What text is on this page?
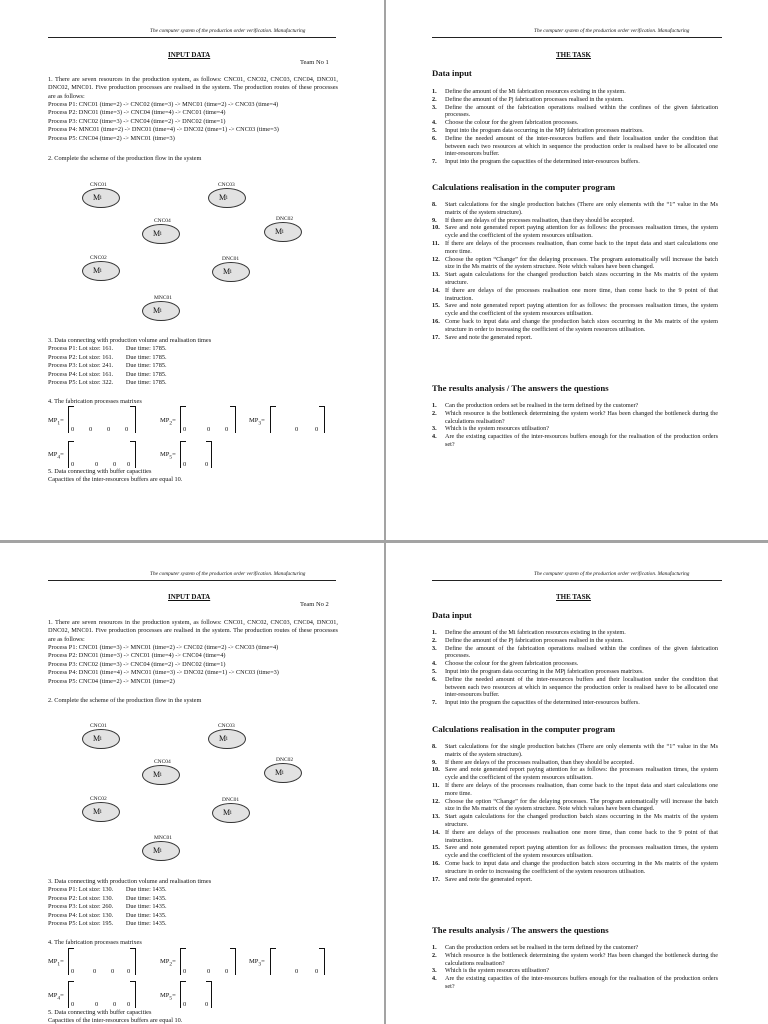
The computer system of the production order verification. Manufacturing
INPUT DATA
Team No 1
1. There are seven resources in the production system, as follows: CNC01, CNC02, CNC03, CNC04, DNC01, DNC02, MNC01. Five production processes are realised in the system. The production routes of these processes are as follows:
Process P1: CNC01 (time=2) -> CNC02 (time=3) -> MNC01 (time=2) -> CNC03 (time=4)
Process P2: DNC01 (time=3) -> CNC04 (time=4) -> CNC01 (time=4)
Process P3: CNC02 (time=3) -> CNC04 (time=2) -> DNC02 (time=1)
Process P4: MNC01 (time=2) -> DNC01 (time=4) -> DNC02 (time=1) -> CNC03 (time=3)
Process P5: CNC04 (time=2) -> MNC01 (time=3)
2. Complete the scheme of the production flow in the system
CNC01
M i
CNC03
M i
CNC04
M i
DNC02
M i
CNC02
M i
DNC01
M i
MNC01
M i
3. Data connecting with production volume and realisation times
Process P1: Lot size: 161.        Due time: 1785.
Process P2: Lot size: 161.        Due time: 1785.
Process P3: Lot size: 241.        Due time: 1785.
Process P4: Lot size: 161.        Due time: 1785.
Process P5: Lot size: 322.        Due time: 1785.
4. The fabrication processes matrixes
$MP_1=$
0 0 0 0
$MP_2=$
0	0 0
$MP_3=$
0	0
$MP_4=$
0	0 0 0
$MP_5=$
0	0
5. Data connecting with buffer capacities
Capacities of the inter-resources buffers are equal 10.
The computer system of the production order verification. Manufacturing
THE TASK
Data input
1.	Define the amount of the Mi fabrication resources existing in the system.
2.	Define the amount of the Pj fabrication processes realised in the system.
3.	Define the amount of the fabrication operations realised within the confines of the given fabrication processes.
4.	Choose the colour for the given fabrication processes.
5.	Input into the program data occurring in the MPj fabrication processes matrixes.
6.	Define the needed amount of the inter-resources buffers and their localisation under the condition that between each two resources at which in sequence the production order is realised have to be allocated one inter-resources buffer.
7.	Input into the program the capacities of the determined inter-resources buffers.
Calculations realisation in the computer program
8.	Start calculations for the single production batches (There are only elements with the “1” value in the Ms matrix of the system structure).
9.	If there are delays of the processes realisation, than they should be accepted.
10. Save and note generated report paying attention for as follows: the processes realisation times, the system cycle and the coefficient of the system resources utilisation.
11. If there are delays of the processes realisation, than come back to the input data and start calculations one more time.
12. Choose the option “Change” for the delaying processes. The program automatically will increase the batch size in the Ms matrix of the system structure. Note which values have been changed.
13. Start again calculations for the changed production batch sizes occurring in the Ms matrix of the system structure.
14. If there are delays of the processes realisation one more time, than come back to the 9 point of that instruction.
15. Save and note generated report paying attention for as follows: the processes realisation times, the system cycle and the coefficient of the system resources utilisation.
16. Come back to input data and change the production batch sizes occurring in the Ms matrix of the system structure in order to increasing the coefficient of the system resources utilisation.
17. Save and note the generated report.
The results analysis / The answers the questions
1.	Can the production orders set be realised in the term defined by the customer?
2.	Which resource is the bottleneck determining the system work? Has been changed the bottleneck during the calculations realisation?
3.	Which is the system resources utilisation?
4.	Are the existing capacities of the inter-resources buffers enough for the realisation of the production orders set?
The computer system of the production order verification. Manufacturing
INPUT DATA
Team No 2
1. There are seven resources in the production system, as follows: CNC01, CNC02, CNC03, CNC04, DNC01, DNC02, MNC01. Five production processes are realised in the system. The production routes of these processes are as follows:
Process P1: CNC01 (time=3) -> MNC01 (time=2) -> CNC02 (time=2) -> CNC03 (time=4)
Process P2: DNC01 (time=3) -> CNC01 (time=4) -> CNC04 (time=4)
Process P3: CNC02 (time=3) -> CNC04 (time=2) -> DNC02 (time=1)
Process P4: DNC01 (time=4) -> MNC01 (time=3) -> DNC02 (time=1) -> CNC03 (time=3)
Process P5: CNC04 (time=2) -> MNC01 (time=2)
2. Complete the scheme of the production flow in the system
CNC01
M i
CNC03
M i
CNC04
M i
DNC02
M i
CNC02
M i
DNC01
M i
MNC01
M i
3. Data connecting with production volume and realisation times
Process P1: Lot size: 130.        Due time: 1435.
Process P2: Lot size: 130.        Due time: 1435.
Process P3: Lot size: 260.        Due time: 1435.
Process P4: Lot size: 130.        Due time: 1435.
Process P5: Lot size: 195.        Due time: 1435.
4. The fabrication processes matrixes
$MP_1=$
0	0 0 0
$MP_2=$
0	0 0
$MP_3=$
0	0
$MP_4=$
0	0 0 0
$MP_5=$
0	0
5. Data connecting with buffer capacities
Capacities of the inter-resources buffers are equal 10.
The computer system of the production order verification. Manufacturing
THE TASK
Data input
1.	Define the amount of the Mi fabrication resources existing in the system.
2.	Define the amount of the Pj fabrication processes realised in the system.
3.	Define the amount of the fabrication operations realised within the confines of the given fabrication processes.
4.	Choose the colour for the given fabrication processes.
5.	Input into the program data occurring in the MPj fabrication processes matrixes.
6.	Define the needed amount of the inter-resources buffers and their localisation under the condition that between each two resources at which in sequence the production order is realised have to be allocated one inter-resources buffer.
7.	Input into the program the capacities of the determined inter-resources buffers.
Calculations realisation in the computer program
8.	Start calculations for the single production batches (There are only elements with the “1” value in the Ms matrix of the system structure).
9.	If there are delays of the processes realisation, than they should be accepted.
10. Save and note generated report paying attention for as follows: the processes realisation times, the system cycle and the coefficient of the system resources utilisation.
11. If there are delays of the processes realisation, than come back to the input data and start calculations one more time.
12. Choose the option “Change” for the delaying processes. The program automatically will increase the batch size in the Ms matrix of the system structure. Note which values have been changed.
13. Start again calculations for the changed production batch sizes occurring in the Ms matrix of the system structure.
14. If there are delays of the processes realisation one more time, than come back to the 9 point of that instruction.
15. Save and note generated report paying attention for as follows: the processes realisation times, the system cycle and the coefficient of the system resources utilisation.
16. Come back to input data and change the production batch sizes occurring in the Ms matrix of the system structure in order to increasing the coefficient of the system resources utilisation.
17. Save and note the generated report.
The results analysis / The answers the questions
1.	Can the production orders set be realised in the term defined by the customer?
2.	Which resource is the bottleneck determining the system work? Has been changed the bottleneck during the calculations realisation?
3.	Which is the system resources utilisation?
4.	Are the existing capacities of the inter-resources buffers enough for the realisation of the production orders set?
